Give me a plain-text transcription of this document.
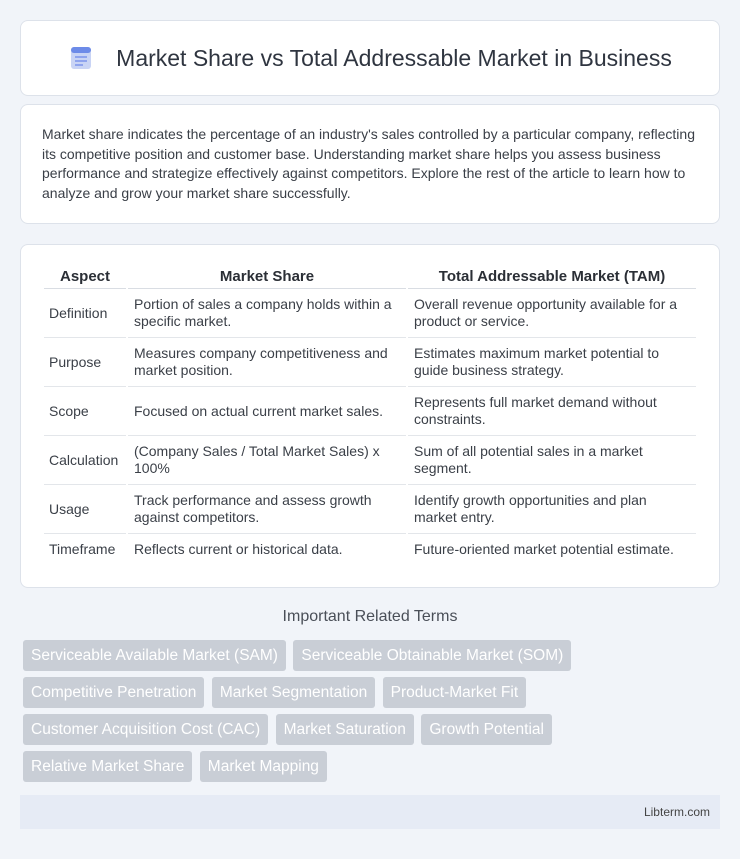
Market Share vs Total Addressable Market in Business

Market share indicates the percentage of an industry's sales controlled by a particular company, reflecting its competitive position and customer base. Understanding market share helps you assess business performance and strategize effectively against competitors. Explore the rest of the article to learn how to analyze and grow your market share successfully.

Aspect	Market Share	Total Addressable Market (TAM)
Definition	Portion of sales a company holds within a specific market.	Overall revenue opportunity available for a product or service.
Purpose	Measures company competitiveness and market position.	Estimates maximum market potential to guide business strategy.
Scope	Focused on actual current market sales.	Represents full market demand without constraints.
Calculation	(Company Sales / Total Market Sales) x 100%	Sum of all potential sales in a market segment.
Usage	Track performance and assess growth against competitors.	Identify growth opportunities and plan market entry.
Timeframe	Reflects current or historical data.	Future-oriented market potential estimate.
Important Related Terms
Serviceable Available Market (SAM) Serviceable Obtainable Market (SOM) Competitive Penetration Market Segmentation Product-Market Fit Customer Acquisition Cost (CAC) Market Saturation Growth Potential Relative Market Share Market Mapping
Libterm.com
